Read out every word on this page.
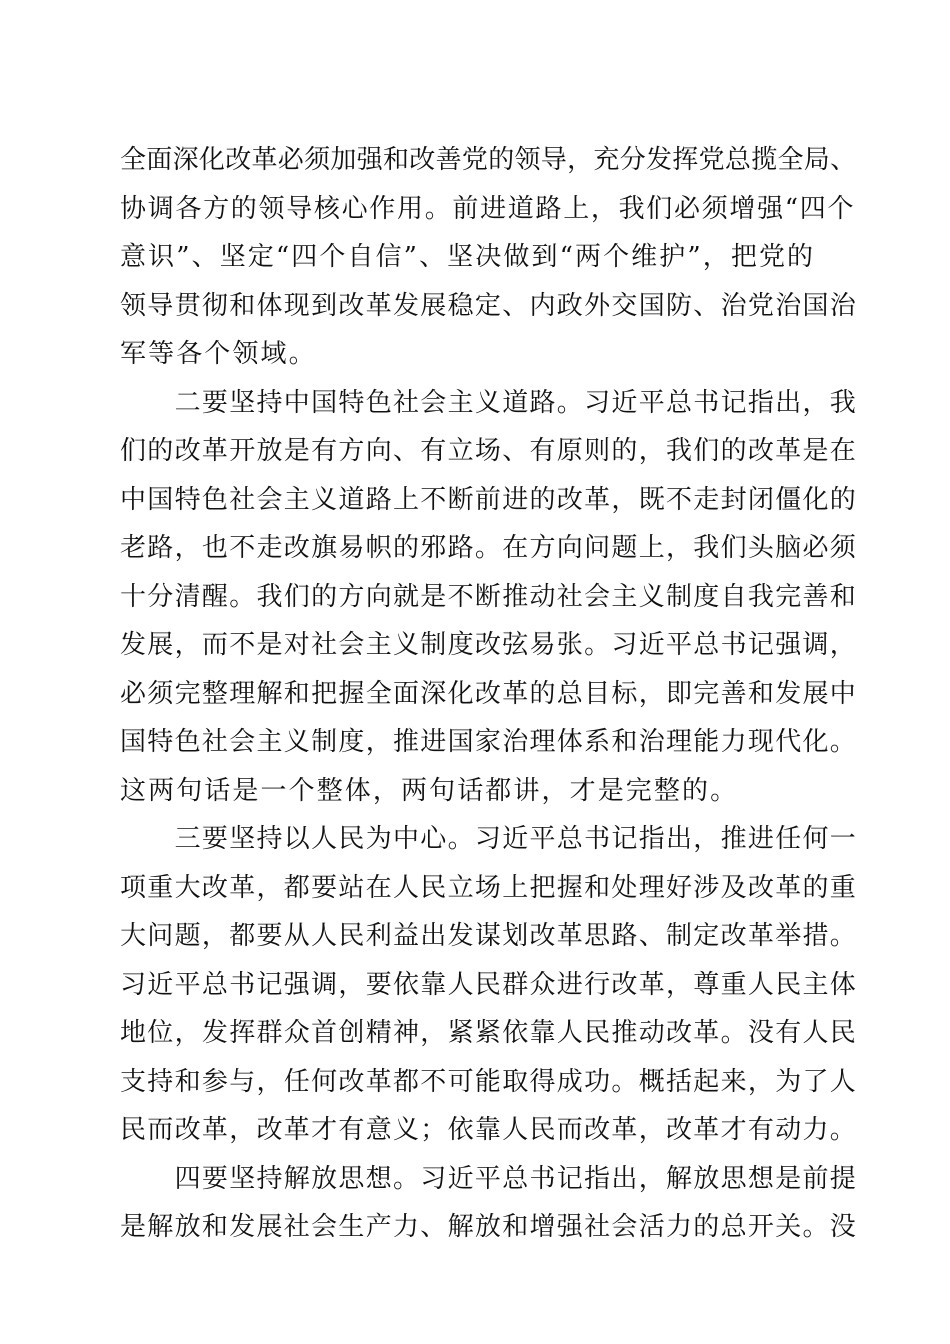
全面深化改革必须加强和改善党的领导，充分发挥党总揽全局、
协调各方的领导核心作用。前进道路上，我们必须增强“四个
意识”、坚定“四个自信”、坚决做到“两个维护”，把党的
领导贯彻和体现到改革发展稳定、内政外交国防、治党治国治
军等各个领域。
　　二要坚持中国特色社会主义道路。习近平总书记指出，我
们的改革开放是有方向、有立场、有原则的，我们的改革是在
中国特色社会主义道路上不断前进的改革，既不走封闭僵化的
老路，也不走改旗易帜的邪路。在方向问题上，我们头脑必须
十分清醒。我们的方向就是不断推动社会主义制度自我完善和
发展，而不是对社会主义制度改弦易张。习近平总书记强调，
必须完整理解和把握全面深化改革的总目标，即完善和发展中
国特色社会主义制度，推进国家治理体系和治理能力现代化。
这两句话是一个整体，两句话都讲，才是完整的。
　　三要坚持以人民为中心。习近平总书记指出，推进任何一
项重大改革，都要站在人民立场上把握和处理好涉及改革的重
大问题，都要从人民利益出发谋划改革思路、制定改革举措。
习近平总书记强调，要依靠人民群众进行改革，尊重人民主体
地位，发挥群众首创精神，紧紧依靠人民推动改革。没有人民
支持和参与，任何改革都不可能取得成功。概括起来，为了人
民而改革，改革才有意义；依靠人民而改革，改革才有动力。
　　四要坚持解放思想。习近平总书记指出，解放思想是前提
是解放和发展社会生产力、解放和增强社会活力的总开关。没
